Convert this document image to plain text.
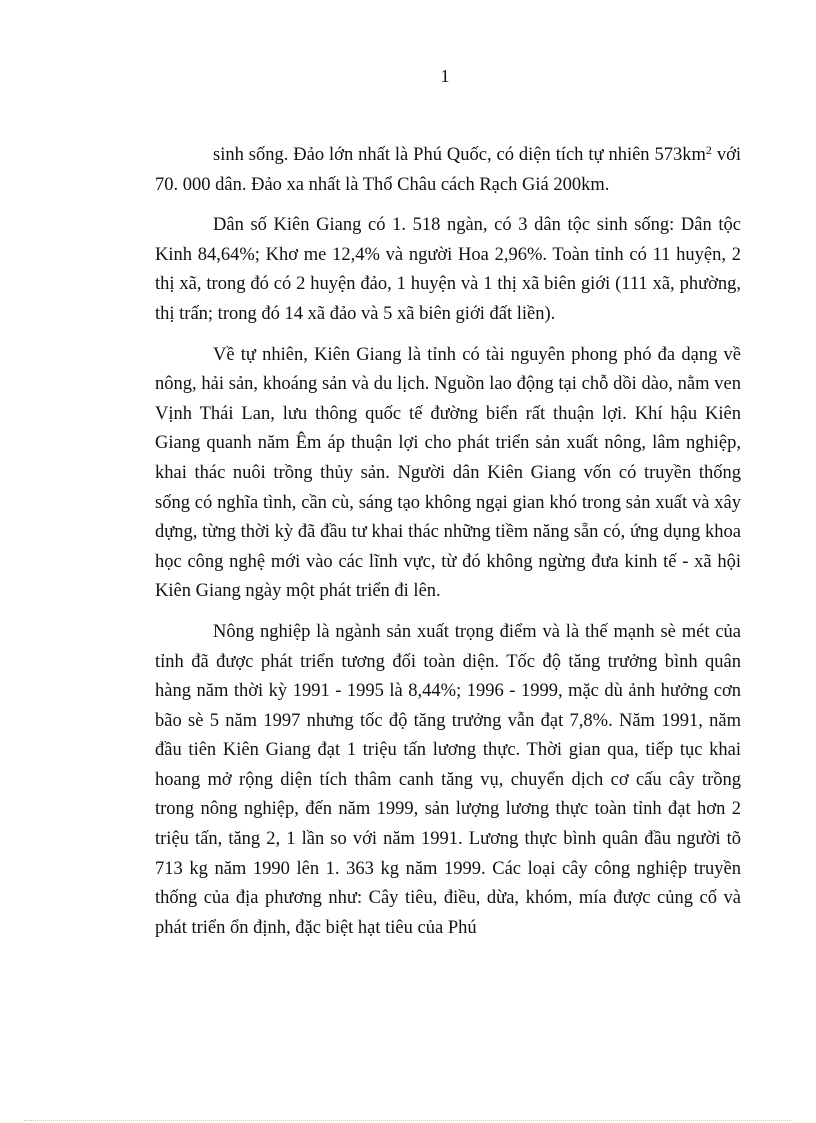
1

sinh sống. Đảo lớn nhất là Phú Quốc, có diện tích tự nhiên $573km^2$ với 70. 000 dân. Đảo xa nhất là Thổ Châu cách Rạch Giá 200km.

Dân số Kiên Giang có 1. 518 ngàn, có 3 dân tộc sinh sống: Dân tộc Kinh 84,64%; Khơ me 12,4% và người Hoa 2,96%. Toàn tỉnh có 11 huyện, 2 thị xã, trong đó có 2 huyện đảo, 1 huyện và 1 thị xã biên giới (111 xã, phường, thị trấn; trong đó 14 xã đảo và 5 xã biên giới đất liền).

Về tự nhiên, Kiên Giang là tỉnh có tài nguyên phong phó đa dạng về nông, hải sản, khoáng sản và du lịch. Nguồn lao động tại chỗ dồi dào, nằm ven Vịnh Thái Lan, lưu thông quốc tế đường biển rất thuận lợi. Khí hậu Kiên Giang quanh năm Êm áp thuận lợi cho phát triển sản xuất nông, lâm nghiệp, khai thác nuôi trồng thủy sản. Người dân Kiên Giang vốn có truyền thống sống có nghĩa tình, cần cù, sáng tạo không ngại gian khó trong sản xuất và xây dựng, từng thời kỳ đã đầu tư khai thác những tiềm năng sẵn có, ứng dụng khoa học công nghệ mới vào các lĩnh vực, từ đó không ngừng đưa kinh tế - xã hội Kiên Giang ngày một phát triển đi lên.

Nông nghiệp là ngành sản xuất trọng điểm và là thế mạnh sè mét của tỉnh đã được phát triển tương đối toàn diện. Tốc độ tăng trưởng bình quân hàng năm thời kỳ 1991 - 1995 là 8,44%; 1996 - 1999, mặc dù ảnh hưởng cơn bão sè 5 năm 1997 nhưng tốc độ tăng trưởng vẫn đạt 7,8%. Năm 1991, năm đầu tiên Kiên Giang đạt 1 triệu tấn lương thực. Thời gian qua, tiếp tục khai hoang mở rộng diện tích thâm canh tăng vụ, chuyển dịch cơ cấu cây trồng trong nông nghiệp, đến năm 1999, sản lượng lương thực toàn tỉnh đạt hơn 2 triệu tấn, tăng 2, 1 lần so với năm 1991. Lương thực bình quân đầu người tõ 713 kg năm 1990 lên 1. 363 kg năm 1999. Các loại cây công nghiệp truyền thống của địa phương như: Cây tiêu, điều, dừa, khóm, mía được củng cố và phát triển ổn định, đặc biệt hạt tiêu của Phú
